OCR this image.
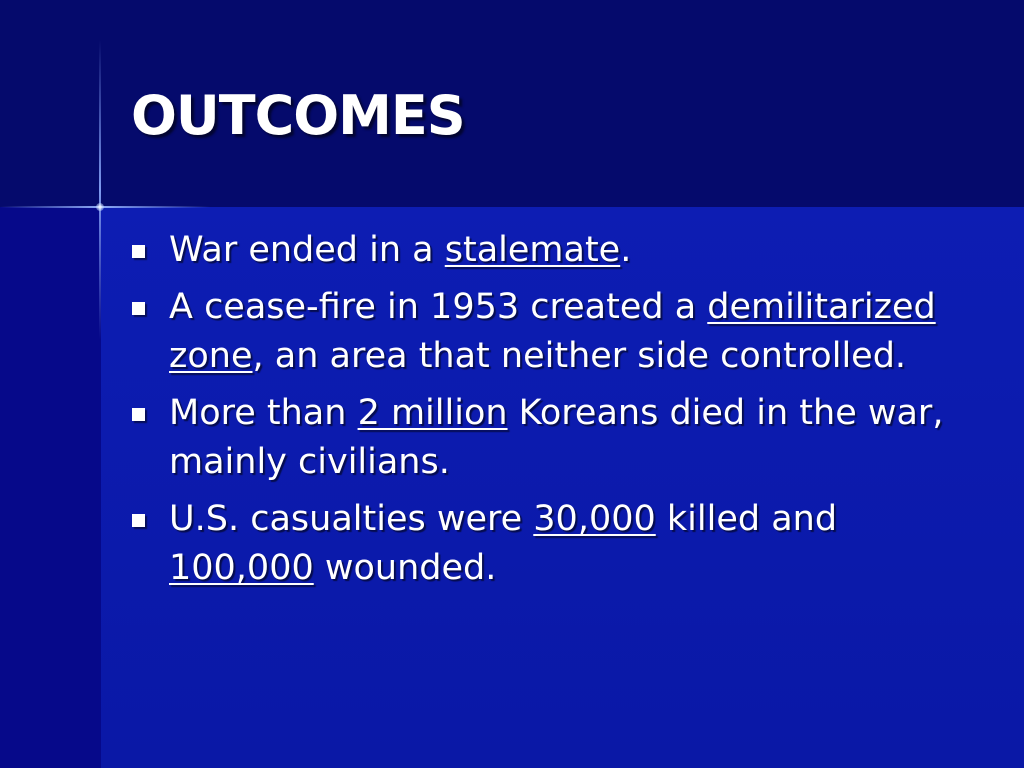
OUTCOMES
War ended in a stalemate.
A cease-fire in 1953 created a demilitarized zone, an area that neither side controlled.
More than 2 million Koreans died in the war, mainly civilians.
U.S. casualties were 30,000 killed and 100,000 wounded.
